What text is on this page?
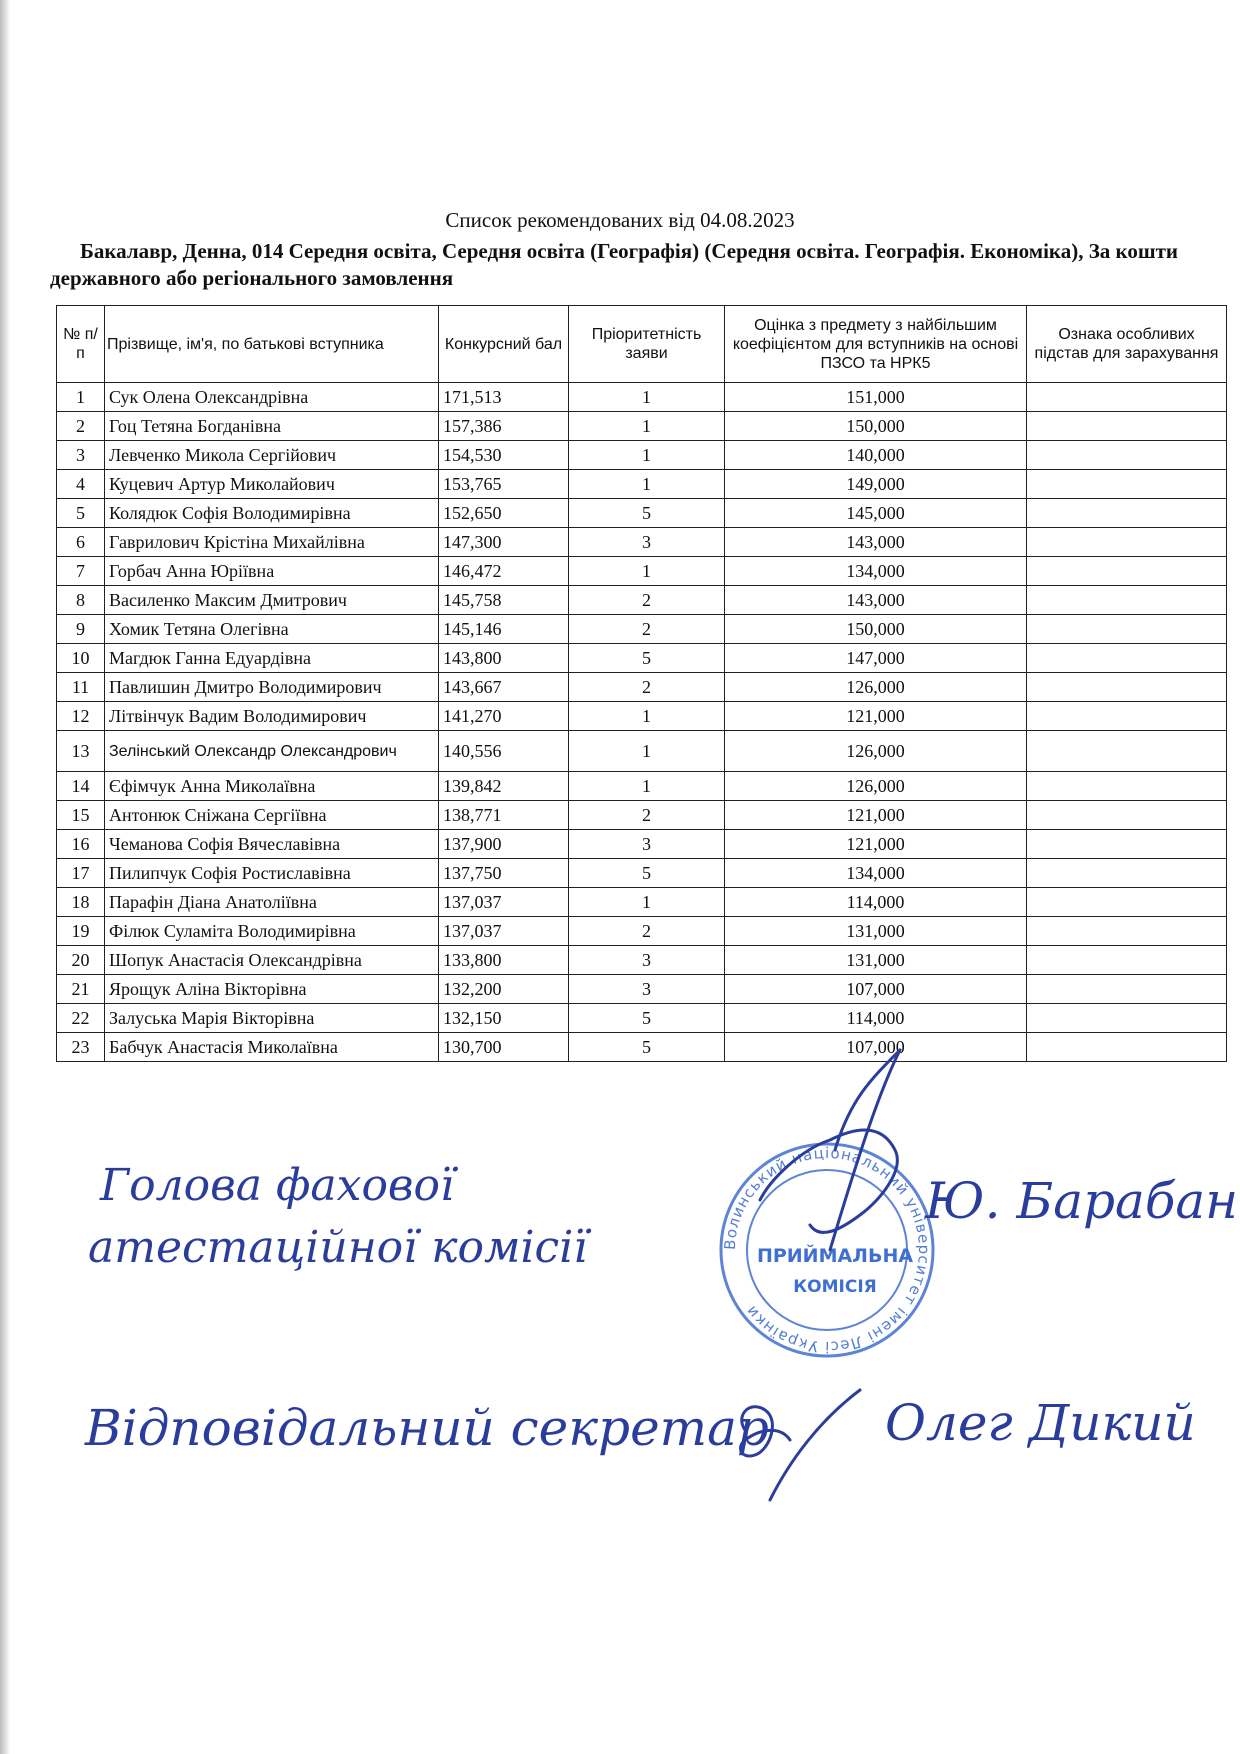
Список рекомендованих від 04.08.2023

Бакалавр, Денна, 014 Середня освіта, Середня освіта (Географія) (Середня освіта. Географія. Економіка), За кошти державного або регіонального замовлення

№ п/п	Прізвище, ім'я, по батькові вступника	Конкурсний бал	Пріоритетність заяви	Оцінка з предмету з найбільшим коефіцієнтом для вступників на основі ПЗСО та НРК5	Ознака особливих підстав для зарахування
1	Сук Олена Олександрівна	171,513	1	151,000	
2	Гоц Тетяна Богданівна	157,386	1	150,000	
3	Левченко Микола Сергійович	154,530	1	140,000	
4	Куцевич Артур Миколайович	153,765	1	149,000	
5	Колядюк Софія Володимирівна	152,650	5	145,000	
6	Гаврилович Крістіна Михайлівна	147,300	3	143,000	
7	Горбач Анна Юріївна	146,472	1	134,000	
8	Василенко Максим Дмитрович	145,758	2	143,000	
9	Хомик Тетяна Олегівна	145,146	2	150,000	
10	Магдюк Ганна Едуардівна	143,800	5	147,000	
11	Павлишин Дмитро Володимирович	143,667	2	126,000	
12	Літвінчук Вадим Володимирович	141,270	1	121,000	
13	Зелінський Олександр Олександрович	140,556	1	126,000	
14	Єфімчук Анна Миколаївна	139,842	1	126,000	
15	Антонюк Сніжана Сергіївна	138,771	2	121,000	
16	Чеманова Софія Вячеславівна	137,900	3	121,000	
17	Пилипчук Софія Ростиславівна	137,750	5	134,000	
18	Парафін Діана Анатоліївна	137,037	1	114,000	
19	Філюк Суламіта Володимирівна	137,037	2	131,000	
20	Шопук Анастасія Олександрівна	133,800	3	131,000	
21	Ярощук Аліна Вікторівна	132,200	3	107,000	
22	Залуська Марія Вікторівна	132,150	5	114,000	
23	Бабчук Анастасія Миколаївна	130,700	5	107,000	
Волинський національний університет імені Лесі Українки
ПРИЙМАЛЬНА
КОМІСІЯ
Голова фахової атестаційної комісії
Ю. Барабан
Відповідальний секретар Олег Дикий
